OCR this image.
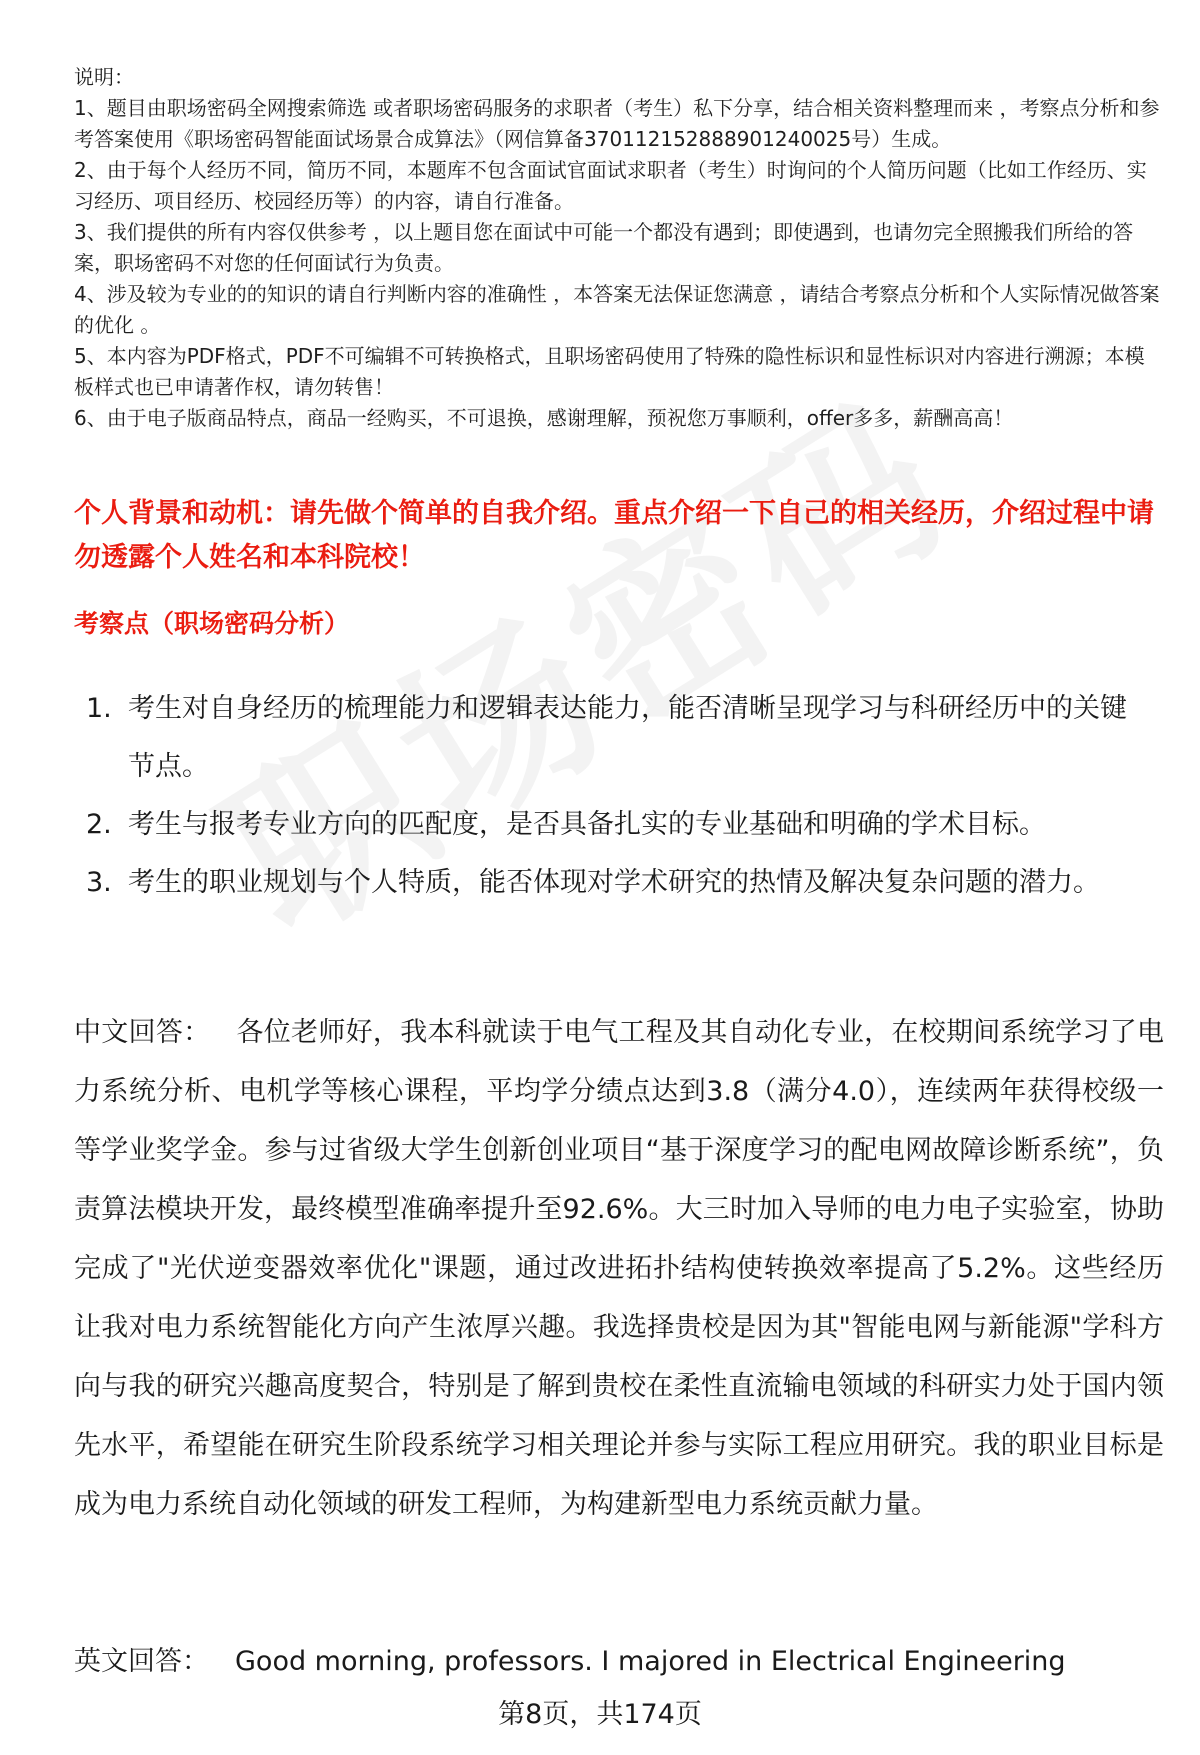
说明：

1、题目由职场密码全网搜索筛选 或者职场密码服务的求职者（考生）私下分享，结合相关资料整理而来 ，考察点分析和参考答案使用《职场密码智能面试场景合成算法》（网信算备370112152888901240025号）生成。

2、由于每个人经历不同，简历不同，本题库不包含面试官面试求职者（考生）时询问的个人简历问题（比如工作经历、实习经历、项目经历、校园经历等）的内容，请自行准备。

3、我们提供的所有内容仅供参考 ，以上题目您在面试中可能一个都没有遇到；即使遇到，也请勿完全照搬我们所给的答案，职场密码不对您的任何面试行为负责。

4、涉及较为专业的的知识的请自行判断内容的准确性 ，本答案无法保证您满意 ，请结合考察点分析和个人实际情况做答案的优化 。

5、本内容为PDF格式，PDF不可编辑不可转换格式，且职场密码使用了特殊的隐性标识和显性标识对内容进行溯源；本模板样式也已申请著作权，请勿转售！

6、由于电子版商品特点，商品一经购买，不可退换，感谢理解，预祝您万事顺利，offer多多，薪酬高高！

个人背景和动机：请先做个简单的自我介绍。重点介绍一下自己的相关经历，介绍过程中请勿透露个人姓名和本科院校！
考察点（职场密码分析）
1. 考生对自身经历的梳理能力和逻辑表达能力，能否清晰呈现学习与科研经历中的关键节点。
2. 考生与报考专业方向的匹配度，是否具备扎实的专业基础和明确的学术目标。
3. 考生的职业规划与个人特质，能否体现对学术研究的热情及解决复杂问题的潜力。
中文回答： 各位老师好，我本科就读于电气工程及其自动化专业，在校期间系统学习了电力系统分析、电机学等核心课程，平均学分绩点达到3.8（满分4.0），连续两年获得校级一等学业奖学金。参与过省级大学生创新创业项目“基于深度学习的配电网故障诊断系统”，负责算法模块开发，最终模型准确率提升至92.6%。大三时加入导师的电力电子实验室，协助完成了"光伏逆变器效率优化"课题，通过改进拓扑结构使转换效率提高了5.2%。这些经历让我对电力系统智能化方向产生浓厚兴趣。我选择贵校是因为其"智能电网与新能源"学科方向与我的研究兴趣高度契合，特别是了解到贵校在柔性直流输电领域的科研实力处于国内领先水平，希望能在研究生阶段系统学习相关理论并参与实际工程应用研究。我的职业目标是成为电力系统自动化领域的研发工程师，为构建新型电力系统贡献力量。
英文回答： Good morning, professors. I majored in Electrical Engineering
第8页，共174页
